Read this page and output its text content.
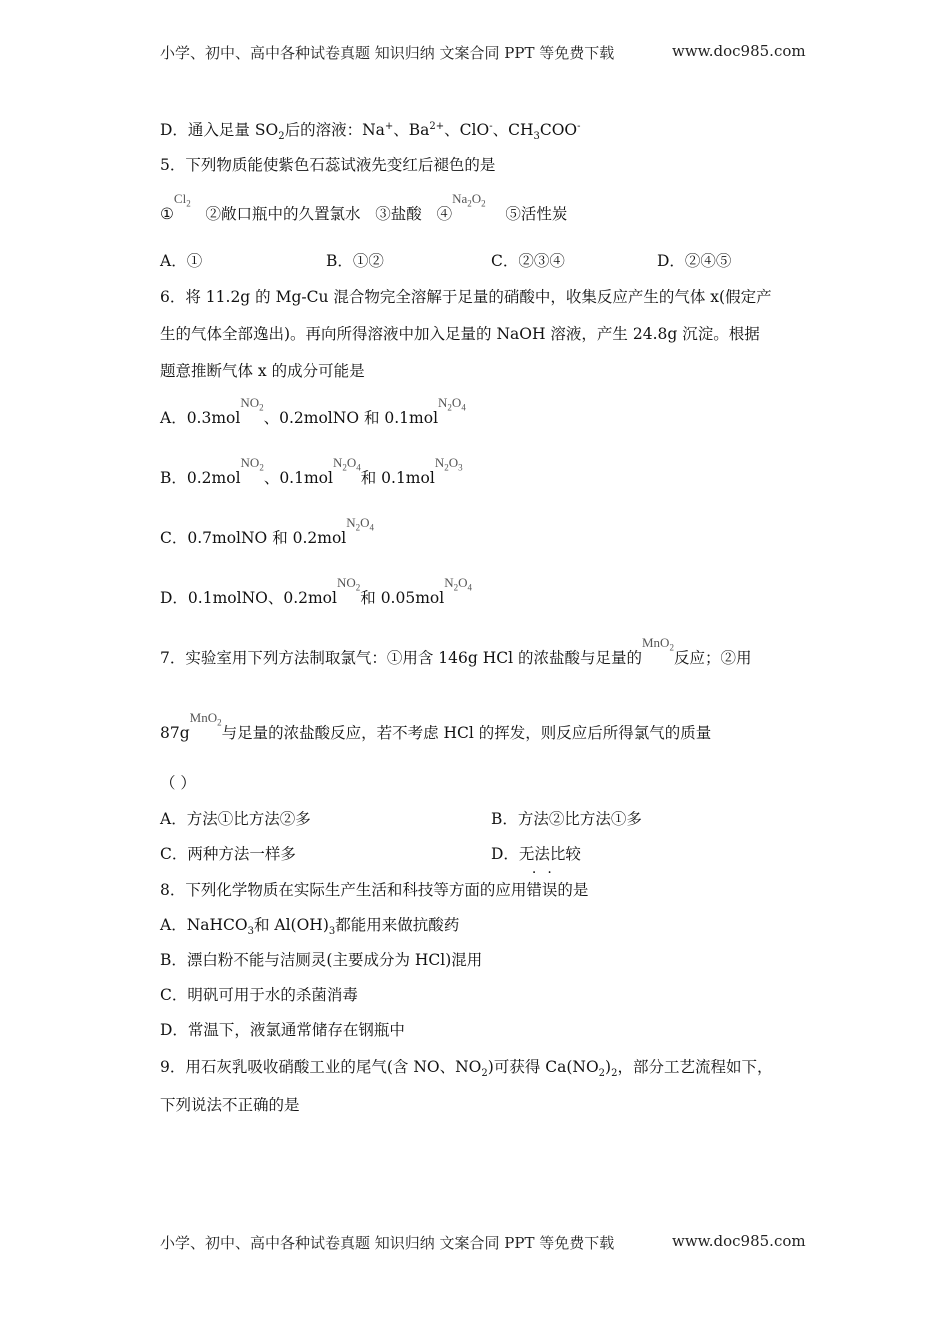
小学、初中、高中各种试卷真题 知识归纳 文案合同 PPT 等免费下载	www.doc985.com
D．通入足量 $SO_2$后的溶液：Na+、$Ba^{2+}$、ClO-、$CH_3COO^-$
5．下列物质能使紫色石蕊试液先变红后褪色的是
$①Cl_2$   ②敞口瓶中的久置氯水 ③盐酸 $④Na_2O_2$    ⑤活性炭
A．①	B．①②	C．②③④	D．②④⑤
6．将 11.2g 的 Mg-Cu 混合物完全溶解于足量的硝酸中，收集反应产生的气体 x(假定产
生的气体全部逸出)。再向所得溶液中加入足量的 NaOH 溶液，产生 24.8g 沉淀。根据
题意推断气体 x 的成分可能是
A．0.3molNO$_2$、0.2molNO 和 $0.1molN_2O_4$
B．0.2molNO$_2$、$0.1molN_2O_4$和 $0.1molN_2O_3$
C．0.7molNO 和 $0.2molN_2O_4$
D．0.1molNO、0.2molNO$_2$和 $0.05molN_2O_4$
7．实验室用下列方法制取氯气：①用含 146g HCl 的浓盐酸与足量的MnO$_2$反应；②用
87gMnO$_2$与足量的浓盐酸反应，若不考虑 HCl 的挥发，则反应后所得氯气的质量
（ ）
A．方法①比方法②多	B．方法②比方法①多
C．两种方法一样多	D．无法比较
8．下列化学物质在实际生产生活和科技等方面的应用错误的是
A．NaHCO$_3$和 $Al(OH)_3$都能用来做抗酸药
B．漂白粉不能与洁厕灵(主要成分为 HCl)混用
C．明矾可用于水的杀菌消毒
D．常温下，液氯通常储存在钢瓶中
9．用石灰乳吸收硝酸工业的尾气(含 NO、$NO_2$)可获得 $Ca(NO_2)_2$，部分工艺流程如下，
下列说法不正确的是
小学、初中、高中各种试卷真题 知识归纳 文案合同 PPT 等免费下载	www.doc985.com
